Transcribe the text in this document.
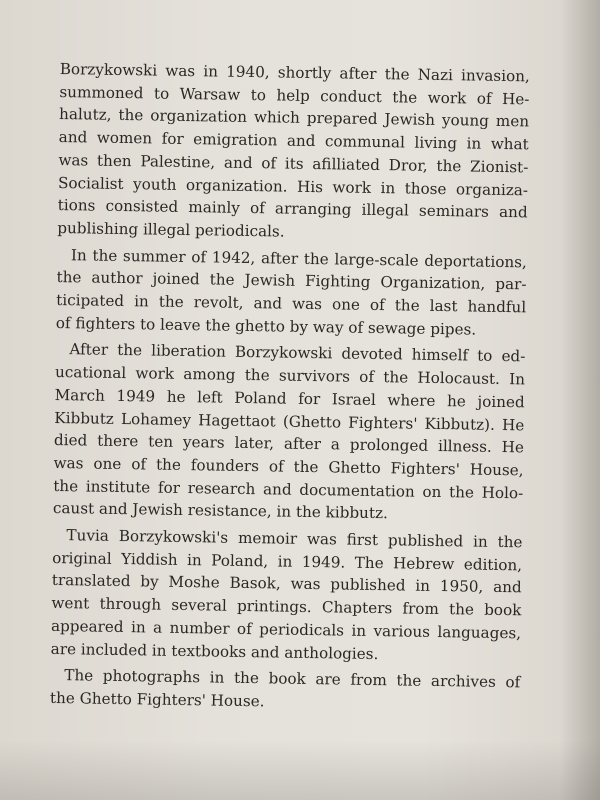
Borzykowski was in 1940, shortly after the Nazi invasion,
summoned to Warsaw to help conduct the work of He-
halutz, the organization which prepared Jewish young men
and women for emigration and communal living in what
was then Palestine, and of its afilliated Dror, the Zionist-
Socialist youth organization. His work in those organiza-
tions consisted mainly of arranging illegal seminars and
publishing illegal periodicals.

In the summer of 1942, after the large-scale deportations,
the author joined the Jewish Fighting Organization, par-
ticipated in the revolt, and was one of the last handful
of fighters to leave the ghetto by way of sewage pipes.

After the liberation Borzykowski devoted himself to ed-
ucational work among the survivors of the Holocaust. In
March 1949 he left Poland for Israel where he joined
Kibbutz Lohamey Hagettaot (Ghetto Fighters' Kibbutz). He
died there ten years later, after a prolonged illness. He
was one of the founders of the Ghetto Fighters' House,
the institute for research and documentation on the Holo-
caust and Jewish resistance, in the kibbutz.

Tuvia Borzykowski's memoir was first published in the
original Yiddish in Poland, in 1949. The Hebrew edition,
translated by Moshe Basok, was published in 1950, and
went through several printings. Chapters from the book
appeared in a number of periodicals in various languages,
are included in textbooks and anthologies.

The photographs in the book are from the archives of
the Ghetto Fighters' House.
